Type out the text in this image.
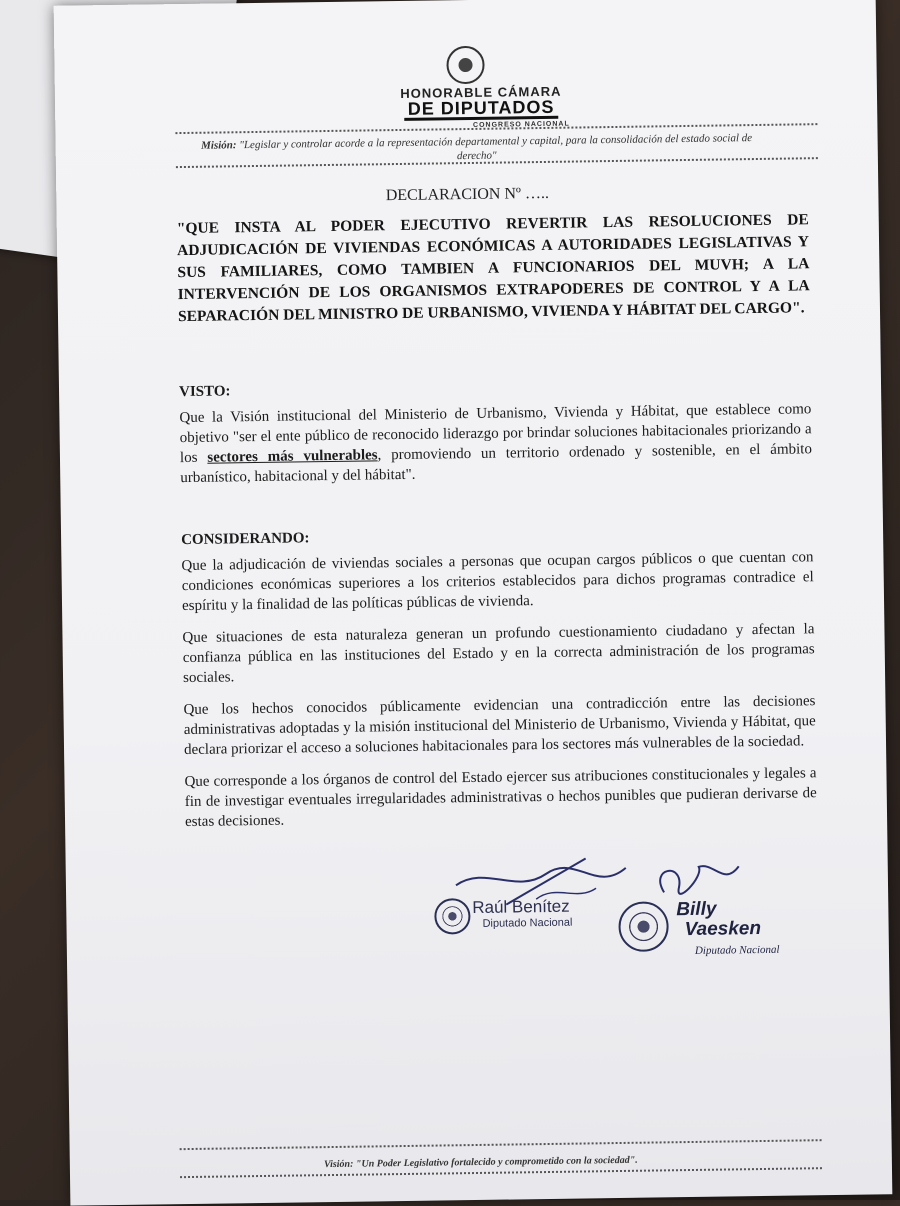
HONORABLE CÁMARA
DE DIPUTADOS
CONGRESO NACIONAL
Misión: "Legislar y controlar acorde a la representación departamental y capital, para la consolidación del estado social de derecho"
DECLARACION Nº …..
"QUE INSTA AL PODER EJECUTIVO REVERTIR LAS RESOLUCIONES DE ADJUDICACIÓN DE VIVIENDAS ECONÓMICAS A AUTORIDADES LEGISLATIVAS Y SUS FAMILIARES, COMO TAMBIEN A FUNCIONARIOS DEL MUVH; A LA INTERVENCIÓN DE LOS ORGANISMOS EXTRAPODERES DE CONTROL Y A LA SEPARACIÓN DEL MINISTRO DE URBANISMO, VIVIENDA Y HÁBITAT DEL CARGO".
VISTO:

Que la Visión institucional del Ministerio de Urbanismo, Vivienda y Hábitat, que establece como objetivo "ser el ente público de reconocido liderazgo por brindar soluciones habitacionales priorizando a los sectores más vulnerables, promoviendo un territorio ordenado y sostenible, en el ámbito urbanístico, habitacional y del hábitat".

CONSIDERANDO:

Que la adjudicación de viviendas sociales a personas que ocupan cargos públicos o que cuentan con condiciones económicas superiores a los criterios establecidos para dichos programas contradice el espíritu y la finalidad de las políticas públicas de vivienda.

Que situaciones de esta naturaleza generan un profundo cuestionamiento ciudadano y afectan la confianza pública en las instituciones del Estado y en la correcta administración de los programas sociales.

Que los hechos conocidos públicamente evidencian una contradicción entre las decisiones administrativas adoptadas y la misión institucional del Ministerio de Urbanismo, Vivienda y Hábitat, que declara priorizar el acceso a soluciones habitacionales para los sectores más vulnerables de la sociedad.

Que corresponde a los órganos de control del Estado ejercer sus atribuciones constitucionales y legales a fin de investigar eventuales irregularidades administrativas o hechos punibles que pudieran derivarse de estas decisiones.

Raúl Benítez
Diputado Nacional
Billy
Vaesken
Diputado Nacional
Visión: "Un Poder Legislativo fortalecido y comprometido con la sociedad".
